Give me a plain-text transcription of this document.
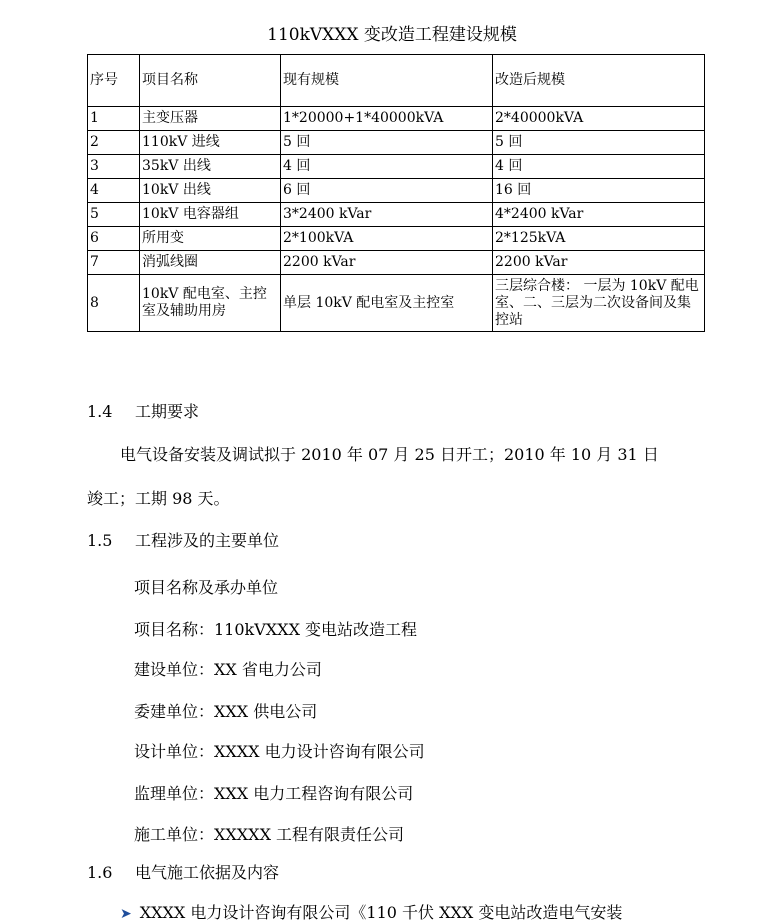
110kVXXX 变改造工程建设规模
序号	项目名称	现有规模	改造后规模
1	主变压器	1*20000+1*40000kVA	2*40000kVA
2	110kV 进线	5 回	5 回
3	35kV 出线	4 回	4 回
4	10kV 出线	6 回	16 回
5	10kV 电容器组	3*2400 kVar	4*2400 kVar
6	所用变	2*100kVA	2*125kVA
7	消弧线圈	2200 kVar	2200 kVar
8	10kV 配电室、主控室及辅助用房	单层 10kV 配电室及主控室	三层综合楼： 一层为 10kV 配电室、二、三层为二次设备间及集控站
1.4 工期要求
电气设备安装及调试拟于 2010 年 07 月 25 日开工；2010 年 10 月 31 日
竣工；工期 98 天。
1.5 工程涉及的主要单位
项目名称及承办单位
项目名称：110kVXXX 变电站改造工程
建设单位：XX 省电力公司
委建单位：XXX 供电公司
设计单位：XXXX 电力设计咨询有限公司
监理单位：XXX 电力工程咨询有限公司
施工单位：XXXXX 工程有限责任公司
1.6 电气施工依据及内容
➤ XXXX 电力设计咨询有限公司《110 千伏 XXX 变电站改造电气安装
